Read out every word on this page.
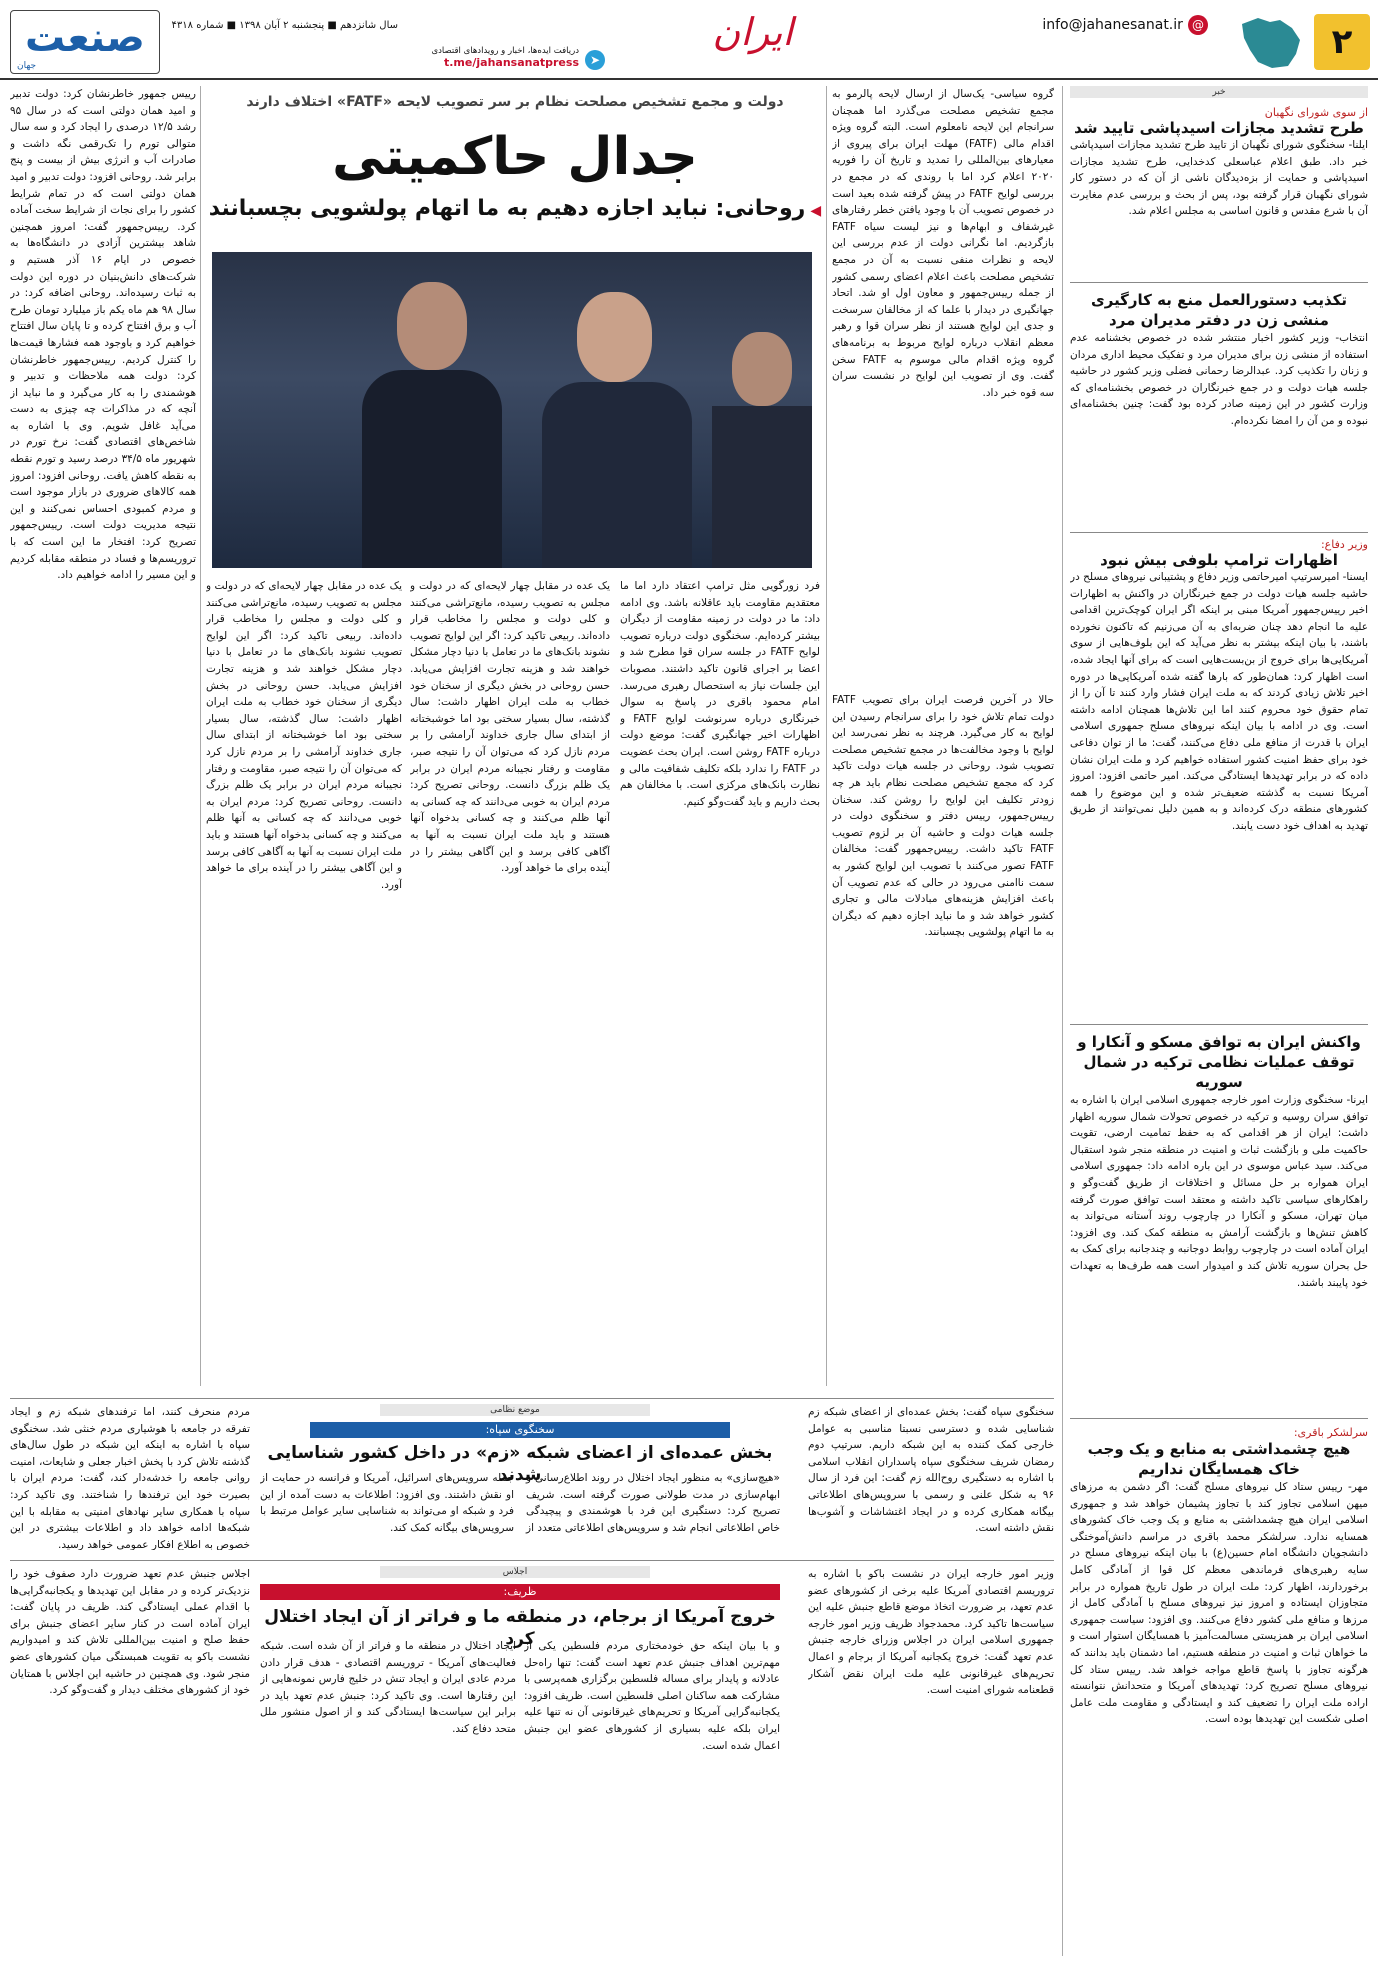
۲
@ info@jahanesanat.ir
ایران
دریافت ایده‌ها، اخبار و رویدادهای اقتصادی
t.me/jahansanatpress ➤
سال شانزدهم ■ پنجشنبه ۲ آبان ۱۳۹۸ ■ شماره ۴۳۱۸
صنعت
جهان
خبر
از سوی شورای نگهبان
طرح تشدید مجازات اسیدپاشی تایید شد
ایلنا- سخنگوی شورای نگهبان از تایید طرح تشدید مجازات اسیدپاشی خبر داد. طبق اعلام عباسعلی کدخدایی، طرح تشدید مجازات اسیدپاشی و حمایت از بزه‌دیدگان ناشی از آن که در دستور کار شورای نگهبان قرار گرفته بود، پس از بحث و بررسی عدم مغایرت آن با شرع مقدس و قانون اساسی به مجلس اعلام شد.
تکذیب دستورالعمل منع به کارگیری منشی زن در دفتر مدیران مرد
انتخاب- وزیر کشور اخبار منتشر شده در خصوص بخشنامه عدم استفاده از منشی زن برای مدیران مرد و تفکیک محیط اداری مردان و زنان را تکذیب کرد. عبدالرضا رحمانی فضلی وزیر کشور در حاشیه جلسه هیات دولت و در جمع خبرنگاران در خصوص بخشنامه‌ای که وزارت کشور در این زمینه صادر کرده بود گفت: چنین بخشنامه‌ای نبوده و من آن را امضا نکرده‌ام.
وزیر دفاع:
اظهارات ترامپ بلوفی بیش نبود
ایسنا- امیرسرتیپ امیرحاتمی وزیر دفاع و پشتیبانی نیروهای مسلح در حاشیه جلسه هیات دولت در جمع خبرنگاران در واکنش به اظهارات اخیر رییس‌جمهور آمریکا مبنی بر اینکه اگر ایران کوچک‌ترین اقدامی علیه ما انجام دهد چنان ضربه‌ای به آن می‌زنیم که تاکنون نخورده باشند، با بیان اینکه بیشتر به نظر می‌آید که این بلوف‌هایی از سوی آمریکایی‌ها برای خروج از بن‌بست‌هایی است که برای آنها ایجاد شده، است اظهار کرد: همان‌طور که بارها گفته شده آمریکایی‌ها در دوره اخیر تلاش زیادی کردند که به ملت ایران فشار وارد کنند تا آن را از تمام حقوق خود محروم کنند اما این تلاش‌ها همچنان ادامه داشته است. وی در ادامه با بیان اینکه نیروهای مسلح جمهوری اسلامی ایران با قدرت از منافع ملی دفاع می‌کنند، گفت: ما از توان دفاعی خود برای حفظ امنیت کشور استفاده خواهیم کرد و ملت ایران نشان داده که در برابر تهدیدها ایستادگی می‌کند. امیر حاتمی افزود: امروز آمریکا نسبت به گذشته ضعیف‌تر شده و این موضوع را همه کشورهای منطقه درک کرده‌اند و به همین دلیل نمی‌توانند از طریق تهدید به اهداف خود دست یابند.
واکنش ایران به توافق مسکو و آنکارا و توقف عملیات نظامی ترکیه در شمال سوریه
ایرنا- سخنگوی وزارت امور خارجه جمهوری اسلامی ایران با اشاره به توافق سران روسیه و ترکیه در خصوص تحولات شمال سوریه اظهار داشت: ایران از هر اقدامی که به حفظ تمامیت ارضی، تقویت حاکمیت ملی و بازگشت ثبات و امنیت در منطقه منجر شود استقبال می‌کند. سید عباس موسوی در این باره ادامه داد: جمهوری اسلامی ایران همواره بر حل مسائل و اختلافات از طریق گفت‌وگو و راهکارهای سیاسی تاکید داشته و معتقد است توافق صورت گرفته میان تهران، مسکو و آنکارا در چارچوب روند آستانه می‌تواند به کاهش تنش‌ها و بازگشت آرامش به منطقه کمک کند. وی افزود: ایران آماده است در چارچوب روابط دوجانبه و چندجانبه برای کمک به حل بحران سوریه تلاش کند و امیدوار است همه طرف‌ها به تعهدات خود پایبند باشند.
سرلشکر باقری:
هیچ چشمداشتی به منابع و یک وجب خاک همسایگان نداریم
مهر- رییس ستاد کل نیروهای مسلح گفت: اگر دشمن به مرزهای میهن اسلامی تجاوز کند با تجاوز پشیمان خواهد شد و جمهوری اسلامی ایران هیچ چشمداشتی به منابع و یک وجب خاک کشورهای همسایه ندارد. سرلشکر محمد باقری در مراسم دانش‌آموختگی دانشجویان دانشگاه امام حسین(ع) با بیان اینکه نیروهای مسلح در سایه رهبری‌های فرماندهی معظم کل قوا از آمادگی کامل برخوردارند، اظهار کرد: ملت ایران در طول تاریخ همواره در برابر متجاوزان ایستاده و امروز نیز نیروهای مسلح با آمادگی کامل از مرزها و منافع ملی کشور دفاع می‌کنند. وی افزود: سیاست جمهوری اسلامی ایران بر همزیستی مسالمت‌آمیز با همسایگان استوار است و ما خواهان ثبات و امنیت در منطقه هستیم، اما دشمنان باید بدانند که هرگونه تجاوز با پاسخ قاطع مواجه خواهد شد. رییس ستاد کل نیروهای مسلح تصریح کرد: تهدیدهای آمریکا و متحدانش نتوانسته اراده ملت ایران را تضعیف کند و ایستادگی و مقاومت ملت عامل اصلی شکست این تهدیدها بوده است.
دولت و مجمع تشخیص مصلحت نظام بر سر تصویب لایحه «FATF» اختلاف دارند
جدال حاکمیتی
◀ روحانی: نباید اجازه دهیم به ما اتهام پولشویی بچسبانند
گروه سیاسی- یک‌سال از ارسال لایحه پالرمو به مجمع تشخیص مصلحت می‌گذرد اما همچنان سرانجام این لایحه نامعلوم است. البته گروه ویژه اقدام مالی (FATF) مهلت ایران برای پیروی از معیارهای بین‌المللی را تمدید و تاریخ آن را فوریه ۲۰۲۰ اعلام کرد اما با روندی که در مجمع در بررسی لوایح FATF در پیش گرفته شده بعید است در خصوص تصویب آن با وجود یافتن خطر رفتارهای غیرشفاف و ابهام‌ها و نیز لیست سیاه FATF بازگردیم. اما نگرانی دولت از عدم بررسی این لایحه و نظرات منفی نسبت به آن در مجمع تشخیص مصلحت باعث اعلام اعضای رسمی کشور از جمله رییس‌جمهور و معاون اول او شد. اتحاد جهانگیری در دیدار با علما که از مخالفان سرسخت و جدی این لوایح هستند از نظر سران قوا و رهبر معظم انقلاب درباره لوایح مربوط به برنامه‌های گروه ویژه اقدام مالی موسوم به FATF سخن گفت. وی از تصویب این لوایح در نشست سران سه قوه خبر داد.
حالا در آخرین فرصت ایران برای تصویب FATF دولت تمام تلاش خود را برای سرانجام رسیدن این لوایح به کار می‌گیرد. هرچند به نظر نمی‌رسد این لوایح با وجود مخالفت‌ها در مجمع تشخیص مصلحت تصویب شود. روحانی در جلسه هیات دولت تاکید کرد که مجمع تشخیص مصلحت نظام باید هر چه زودتر تکلیف این لوایح را روشن کند. سخنان رییس‌جمهور، رییس دفتر و سخنگوی دولت در جلسه هیات دولت و حاشیه آن بر لزوم تصویب FATF تاکید داشت. رییس‌جمهور گفت: مخالفان FATF تصور می‌کنند با تصویب این لوایح کشور به سمت ناامنی می‌رود در حالی که عدم تصویب آن باعث افزایش هزینه‌های مبادلات مالی و تجاری کشور خواهد شد و ما نباید اجازه دهیم که دیگران به ما اتهام پولشویی بچسبانند.
فرد زورگویی مثل ترامپ اعتقاد دارد اما ما معتقدیم مقاومت باید عاقلانه باشد. وی ادامه داد: ما در دولت در زمینه مقاومت از دیگران بیشتر کرده‌ایم. سخنگوی دولت درباره تصویب لوایح FATF در جلسه سران قوا مطرح شد و اعضا بر اجرای قانون تاکید داشتند. مصوبات این جلسات نیاز به استحصال رهبری می‌رسد. امام محمود باقری در پاسخ به سوال خبرنگاری درباره سرنوشت لوایح FATF و اظهارات اخیر جهانگیری گفت: موضع دولت درباره FATF روشن است. ایران بحث عضویت در FATF را ندارد بلکه تکلیف شفافیت مالی و نظارت بانک‌های مرکزی است. با مخالفان هم بحث داریم و باید گفت‌وگو کنیم.
یک عده در مقابل چهار لایحه‌ای که در دولت و مجلس به تصویب رسیده، مانع‌تراشی می‌کنند و کلی دولت و مجلس را مخاطب قرار داده‌اند. ربیعی تاکید کرد: اگر این لوایح تصویب نشوند بانک‌های ما در تعامل با دنیا دچار مشکل خواهند شد و هزینه تجارت افزایش می‌یابد. حسن روحانی در بخش دیگری از سخنان خود خطاب به ملت ایران اظهار داشت: سال گذشته، سال بسیار سختی بود اما خوشبختانه از ابتدای سال جاری خداوند آرامشی را بر مردم نازل کرد که می‌توان آن را نتیجه صبر، مقاومت و رفتار نجیبانه مردم ایران در برابر یک ظلم بزرگ دانست. روحانی تصریح کرد: مردم ایران به خوبی می‌دانند که چه کسانی به آنها ظلم می‌کنند و چه کسانی بدخواه آنها هستند و باید ملت ایران نسبت به آنها به آگاهی کافی برسد و این آگاهی بیشتر را در آینده برای ما خواهد آورد.
رییس جمهور خاطرنشان کرد: دولت تدبیر و امید همان دولتی است که در سال ۹۵ رشد ۱۲/۵ درصدی را ایجاد کرد و سه سال متوالی تورم را تک‌رقمی نگه داشت و صادرات آب و انرژی بیش از بیست و پنج برابر شد. روحانی افزود: دولت تدبیر و امید همان دولتی است که در تمام شرایط کشور را برای نجات از شرایط سخت آماده کرد. رییس‌جمهور گفت: امروز همچنین شاهد بیشترین آزادی در دانشگاه‌ها به خصوص در ایام ۱۶ آذر هستیم و شرکت‌های دانش‌بنیان در دوره این دولت به ثبات رسیده‌اند. روحانی اضافه کرد: در سال ۹۸ هم ماه یکم باز میلیارد تومان طرح آب و برق افتتاح کرده و تا پایان سال افتتاح خواهیم کرد و باوجود همه فشارها قیمت‌ها را کنترل کردیم. رییس‌جمهور خاطرنشان کرد: دولت همه ملاحظات و تدبیر و هوشمندی را به کار می‌گیرد و ما نباید از آنچه که در مذاکرات چه چیزی به دست می‌آید غافل شویم. وی با اشاره به شاخص‌های اقتصادی گفت: نرخ تورم در شهریور ماه ۳۴/۵ درصد رسید و تورم نقطه به نقطه کاهش یافت. روحانی افزود: امروز همه کالاهای ضروری در بازار موجود است و مردم کمبودی احساس نمی‌کنند و این نتیجه مدیریت دولت است. رییس‌جمهور تصریح کرد: افتخار ما این است که با تروریسم‌ها و فساد در منطقه مقابله کردیم و این مسیر را ادامه خواهیم داد.
یک عده در مقابل چهار لایحه‌ای که در دولت و مجلس به تصویب رسیده، مانع‌تراشی می‌کنند و کلی دولت و مجلس را مخاطب قرار داده‌اند. ربیعی تاکید کرد: اگر این لوایح تصویب نشوند بانک‌های ما در تعامل با دنیا دچار مشکل خواهند شد و هزینه تجارت افزایش می‌یابد. حسن روحانی در بخش دیگری از سخنان خود خطاب به ملت ایران اظهار داشت: سال گذشته، سال بسیار سختی بود اما خوشبختانه از ابتدای سال جاری خداوند آرامشی را بر مردم نازل کرد که می‌توان آن را نتیجه صبر، مقاومت و رفتار نجیبانه مردم ایران در برابر یک ظلم بزرگ دانست. روحانی تصریح کرد: مردم ایران به خوبی می‌دانند که چه کسانی به آنها ظلم می‌کنند و چه کسانی بدخواه آنها هستند و باید ملت ایران نسبت به آنها به آگاهی کافی برسد و این آگاهی بیشتر را در آینده برای ما خواهد آورد.
موضع نظامی
سخنگوی سپاه:
بخش عمده‌ای از اعضای شبکه «زم» در داخل کشور شناسایی شدند
سخنگوی سپاه گفت: بخش عمده‌ای از اعضای شبکه زم شناسایی شده و دسترسی نسبتا مناسبی به عوامل خارجی کمک کننده به این شبکه داریم. سرتیپ دوم رمضان شریف سخنگوی سپاه پاسداران انقلاب اسلامی با اشاره به دستگیری روح‌الله زم گفت: این فرد از سال ۹۶ به شکل علنی و رسمی با سرویس‌های اطلاعاتی بیگانه همکاری کرده و در ایجاد اغتشاشات و آشوب‌ها نقش داشته است.
«هیچ‌سازی» به منظور ایجاد اختلال در روند اطلاع‌رسانی و ابهام‌سازی در مدت طولانی صورت گرفته است. شریف تصریح کرد: دستگیری این فرد با هوشمندی و پیچیدگی خاص اطلاعاتی انجام شد و سرویس‌های اطلاعاتی متعدد از جمله سرویس‌های اسرائیل، آمریکا و فرانسه در حمایت از او نقش داشتند. وی افزود: اطلاعات به دست آمده از این فرد و شبکه او می‌تواند به شناسایی سایر عوامل مرتبط با سرویس‌های بیگانه کمک کند.
مردم منحرف کنند، اما ترفندهای شبکه زم و ایجاد تفرقه در جامعه با هوشیاری مردم خنثی شد. سخنگوی سپاه با اشاره به اینکه این شبکه در طول سال‌های گذشته تلاش کرد با پخش اخبار جعلی و شایعات، امنیت روانی جامعه را خدشه‌دار کند، گفت: مردم ایران با بصیرت خود این ترفندها را شناختند. وی تاکید کرد: سپاه با همکاری سایر نهادهای امنیتی به مقابله با این شبکه‌ها ادامه خواهد داد و اطلاعات بیشتری در این خصوص به اطلاع افکار عمومی خواهد رسید.
اجلاس
ظریف:
خروج آمریکا از برجام، در منطقه ما و فراتر از آن ایجاد اختلال کرد
وزیر امور خارجه ایران در نشست باکو با اشاره به تروریسم اقتصادی آمریکا علیه برخی از کشورهای عضو عدم تعهد، بر ضرورت اتخاذ موضع قاطع جنبش علیه این سیاست‌ها تاکید کرد. محمدجواد ظریف وزیر امور خارجه جمهوری اسلامی ایران در اجلاس وزرای خارجه جنبش عدم تعهد گفت: خروج یکجانبه آمریکا از برجام و اعمال تحریم‌های غیرقانونی علیه ملت ایران نقض آشکار قطعنامه شورای امنیت است.
و با بیان اینکه حق خودمختاری مردم فلسطین یکی از مهم‌ترین اهداف جنبش عدم تعهد است گفت: تنها راه‌حل عادلانه و پایدار برای مساله فلسطین برگزاری همه‌پرسی با مشارکت همه ساکنان اصلی فلسطین است. ظریف افزود: یکجانبه‌گرایی آمریکا و تحریم‌های غیرقانونی آن نه تنها علیه ایران بلکه علیه بسیاری از کشورهای عضو این جنبش اعمال شده است.
ایجاد اختلال در منطقه ما و فراتر از آن شده است. شبکه فعالیت‌های آمریکا - تروریسم اقتصادی - هدف قرار دادن مردم عادی ایران و ایجاد تنش در خلیج فارس نمونه‌هایی از این رفتارها است. وی تاکید کرد: جنبش عدم تعهد باید در برابر این سیاست‌ها ایستادگی کند و از اصول منشور ملل متحد دفاع کند.
اجلاس جنبش عدم تعهد ضرورت دارد صفوف خود را نزدیک‌تر کرده و در مقابل این تهدیدها و یکجانبه‌گرایی‌ها با اقدام عملی ایستادگی کند. ظریف در پایان گفت: ایران آماده است در کنار سایر اعضای جنبش برای حفظ صلح و امنیت بین‌المللی تلاش کند و امیدواریم نشست باکو به تقویت همبستگی میان کشورهای عضو منجر شود. وی همچنین در حاشیه این اجلاس با همتایان خود از کشورهای مختلف دیدار و گفت‌وگو کرد.
